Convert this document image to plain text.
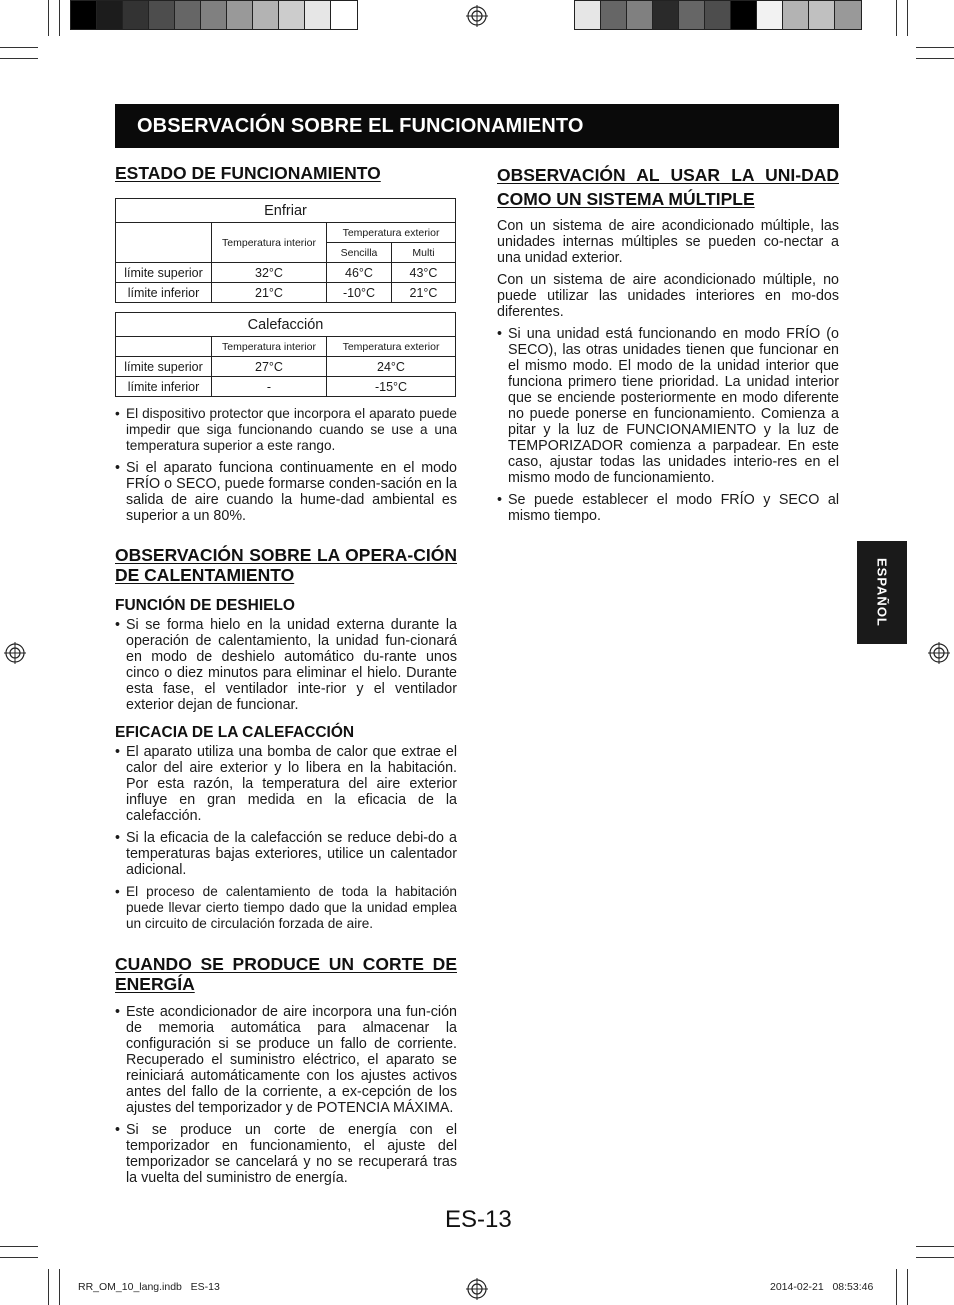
OBSERVACIÓN SOBRE EL FUNCIONAMIENTO
ESTADO DE FUNCIONAMIENTO
Enfriar			
	Temperatura interior	Temperatura exterior	
		Sencilla	Multi
límite superior	32°C	46°C	43°C
límite inferior	21°C	-10°C	21°C
Calefacción		
	Temperatura interior	Temperatura exterior
límite superior	27°C	24°C
límite inferior	-	-15°C
• El dispositivo protector que incorpora el aparato puede impedir que siga funcionando cuando se use a una temperatura superior a este rango.
• Si el aparato funciona continuamente en el modo FRÍO o SECO, puede formarse conden-sación en la salida de aire cuando la hume-dad ambiental es superior a un 80%.
OBSERVACIÓN SOBRE LA OPERA-CIÓN DE CALENTAMIENTO
FUNCIÓN DE DESHIELO
• Si se forma hielo en la unidad externa durante la operación de calentamiento, la unidad fun-cionará en modo de deshielo automático du-rante unos cinco o diez minutos para eliminar el hielo. Durante esta fase, el ventilador inte-rior y el ventilador exterior dejan de funcionar.
EFICACIA DE LA CALEFACCIÓN
• El aparato utiliza una bomba de calor que extrae el calor del aire exterior y lo libera en la habitación. Por esta razón, la temperatura del aire exterior influye en gran medida en la eficacia de la calefacción.
• Si la eficacia de la calefacción se reduce debi-do a temperaturas bajas exteriores, utilice un calentador adicional.
• El proceso de calentamiento de toda la habitación puede llevar cierto tiempo dado que la unidad emplea un circuito de circulación forzada de aire.
CUANDO SE PRODUCE UN CORTE DE ENERGÍA
• Este acondicionador de aire incorpora una fun-ción de memoria automática para almacenar la configuración si se produce un fallo de corriente. Recuperado el suministro eléctrico, el aparato se reiniciará automáticamente con los ajustes activos antes del fallo de la corriente, a ex-cepción de los ajustes del temporizador y de POTENCIA MÁXIMA.
• Si se produce un corte de energía con el temporizador en funcionamiento, el ajuste del temporizador se cancelará y no se recuperará tras la vuelta del suministro de energía.
OBSERVACIÓN AL USAR LA UNI-DAD COMO UN SISTEMA MÚLTIPLE

Con un sistema de aire acondicionado múltiple, las unidades internas múltiples se pueden co-nectar a una unidad exterior.

Con un sistema de aire acondicionado múltiple, no puede utilizar las unidades interiores en mo-dos diferentes.

• Si una unidad está funcionando en modo FRÍO (o SECO), las otras unidades tienen que funcionar en el mismo modo. El modo de la unidad interior que funciona primero tiene prioridad. La unidad interior que se enciende posteriormente en modo diferente no puede ponerse en funcionamiento. Comienza a pitar y la luz de FUNCIONAMIENTO y la luz de TEMPORIZADOR comienza a parpadear. En este caso, ajustar todas las unidades interio-res en el mismo modo de funcionamiento.
• Se puede establecer el modo FRÍO y SECO al mismo tiempo.
ESPAÑOL
ES-13
RR_OM_10_lang.indb   ES-13	2014-02-21   08:53:46
